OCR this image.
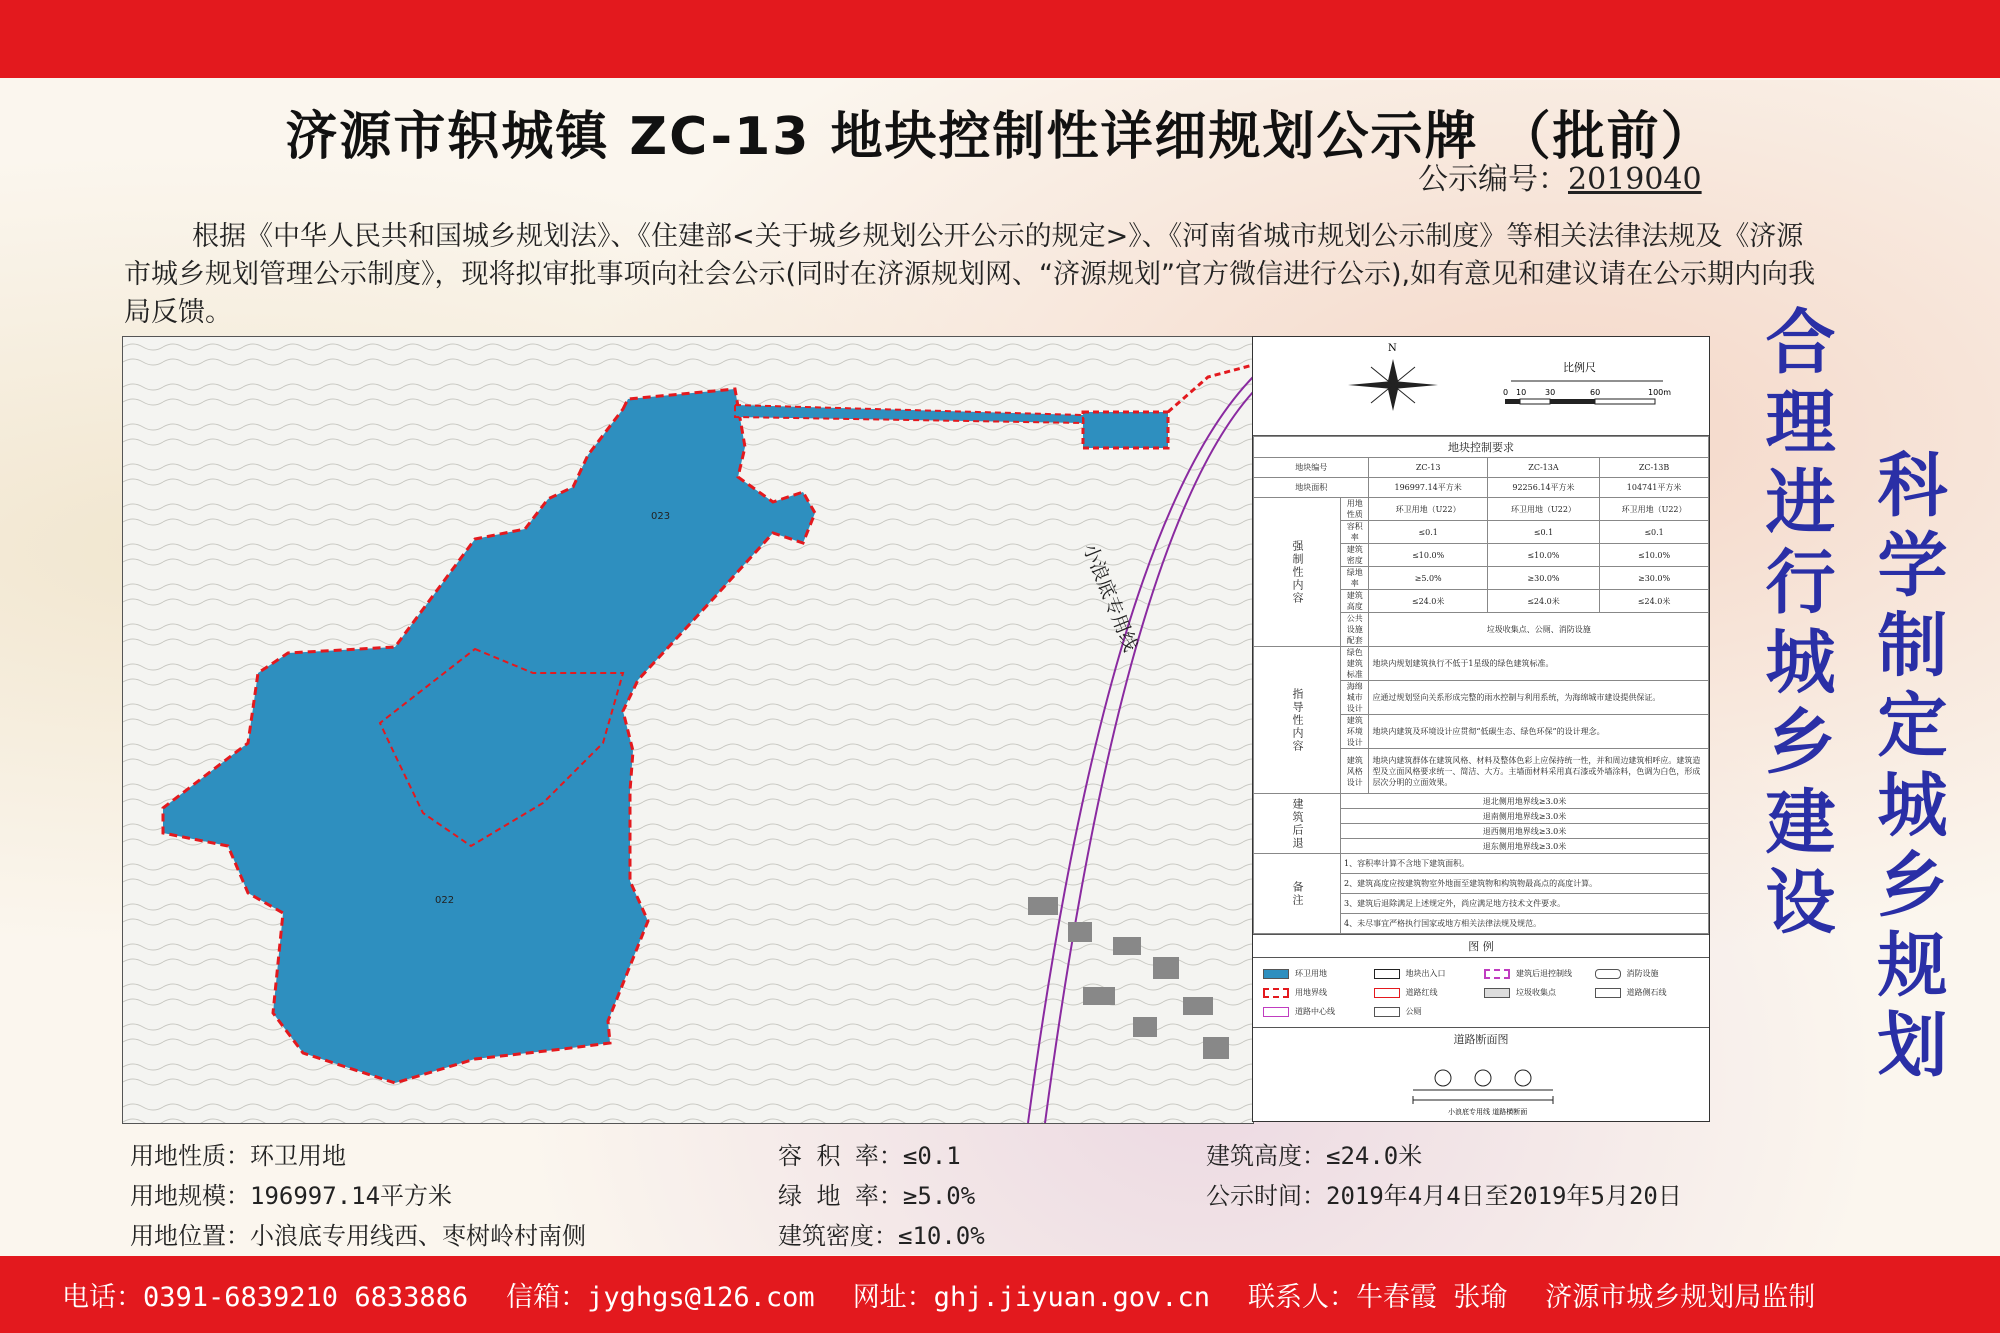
济源市轵城镇 ZC-13 地块控制性详细规划公示牌 （批前）
公示编号：2019040
根据《中华人民共和国城乡规划法》、《住建部<关于城乡规划公开公示的规定>》、《河南省城市规划公示制度》等相关法律法规及《济源市城乡规划管理公示制度》，现将拟审批事项向社会公示(同时在济源规划网、“济源规划”官方微信进行公示),如有意见和建议请在公示期内向我局反馈。
小浪底专用线
023
022
N
比例尺
0 10 30	60	100m
地块控制要求				
地块编号		ZC-13	ZC-13A	ZC-13B
地块面积		196997.14平方米	92256.14平方米	104741平方米
强制性内容	用地性质	环卫用地（U22）	环卫用地（U22）	环卫用地（U22）
	容积率	≤0.1	≤0.1	≤0.1
	建筑密度	≤10.0%	≤10.0%	≤10.0%
	绿地率	≥5.0%	≥30.0%	≥30.0%
	建筑高度	≤24.0米	≤24.0米	≤24.0米
	公共设施配套	垃圾收集点、公厕、消防设施		
指导性内容	绿色建筑标准	地块内规划建筑执行不低于1星级的绿色建筑标准。		
	海绵城市设计	应通过规划竖向关系形成完整的雨水控制与利用系统，为海绵城市建设提供保证。		
	建筑环境设计	地块内建筑及环境设计应贯彻“低碳生态、绿色环保”的设计理念。		
	建筑风格设计	地块内建筑群体在建筑风格、材料及整体色彩上应保持统一性，并和周边建筑相呼应。建筑造型及立面风格要求统一、简洁、大方。主墙面材料采用真石漆或外墙涂料，色调为白色，形成层次分明的立面效果。		
建筑后退	退北侧用地界线≥3.0米			
	退南侧用地界线≥3.0米			
	退西侧用地界线≥3.0米			
	退东侧用地界线≥3.0米			
备注	1、容积率计算不含地下建筑面积。			
	2、建筑高度应按建筑物室外地面至建筑物和构筑物最高点的高度计算。			
	3、建筑后退除满足上述规定外，尚应满足地方技术文件要求。			
	4、未尽事宜严格执行国家或地方相关法律法规及规范。			
图 例
环卫用地	地块出入口	建筑后退控制线	消防设施
用地界线	道路红线	垃圾收集点	道路侧石线
道路中心线	公厕
道路断面图
小浪底专用线 道路横断面
合理进行城乡建设 科学制定城乡规划
用地性质：环卫用地
用地规模：196997.14平方米
用地位置：小浪底专用线西、枣树岭村南侧
容 积 率：≤0.1
绿 地 率：≥5.0%
建筑密度：≤10.0%
建筑高度：≤24.0米
公示时间：2019年4月4日至2019年5月20日
电话：0391-6839210 6833886 信箱：jyghgs@126.com 网址：ghj.jiyuan.gov.cn 联系人：牛春霞 张瑜 济源市城乡规划局监制
